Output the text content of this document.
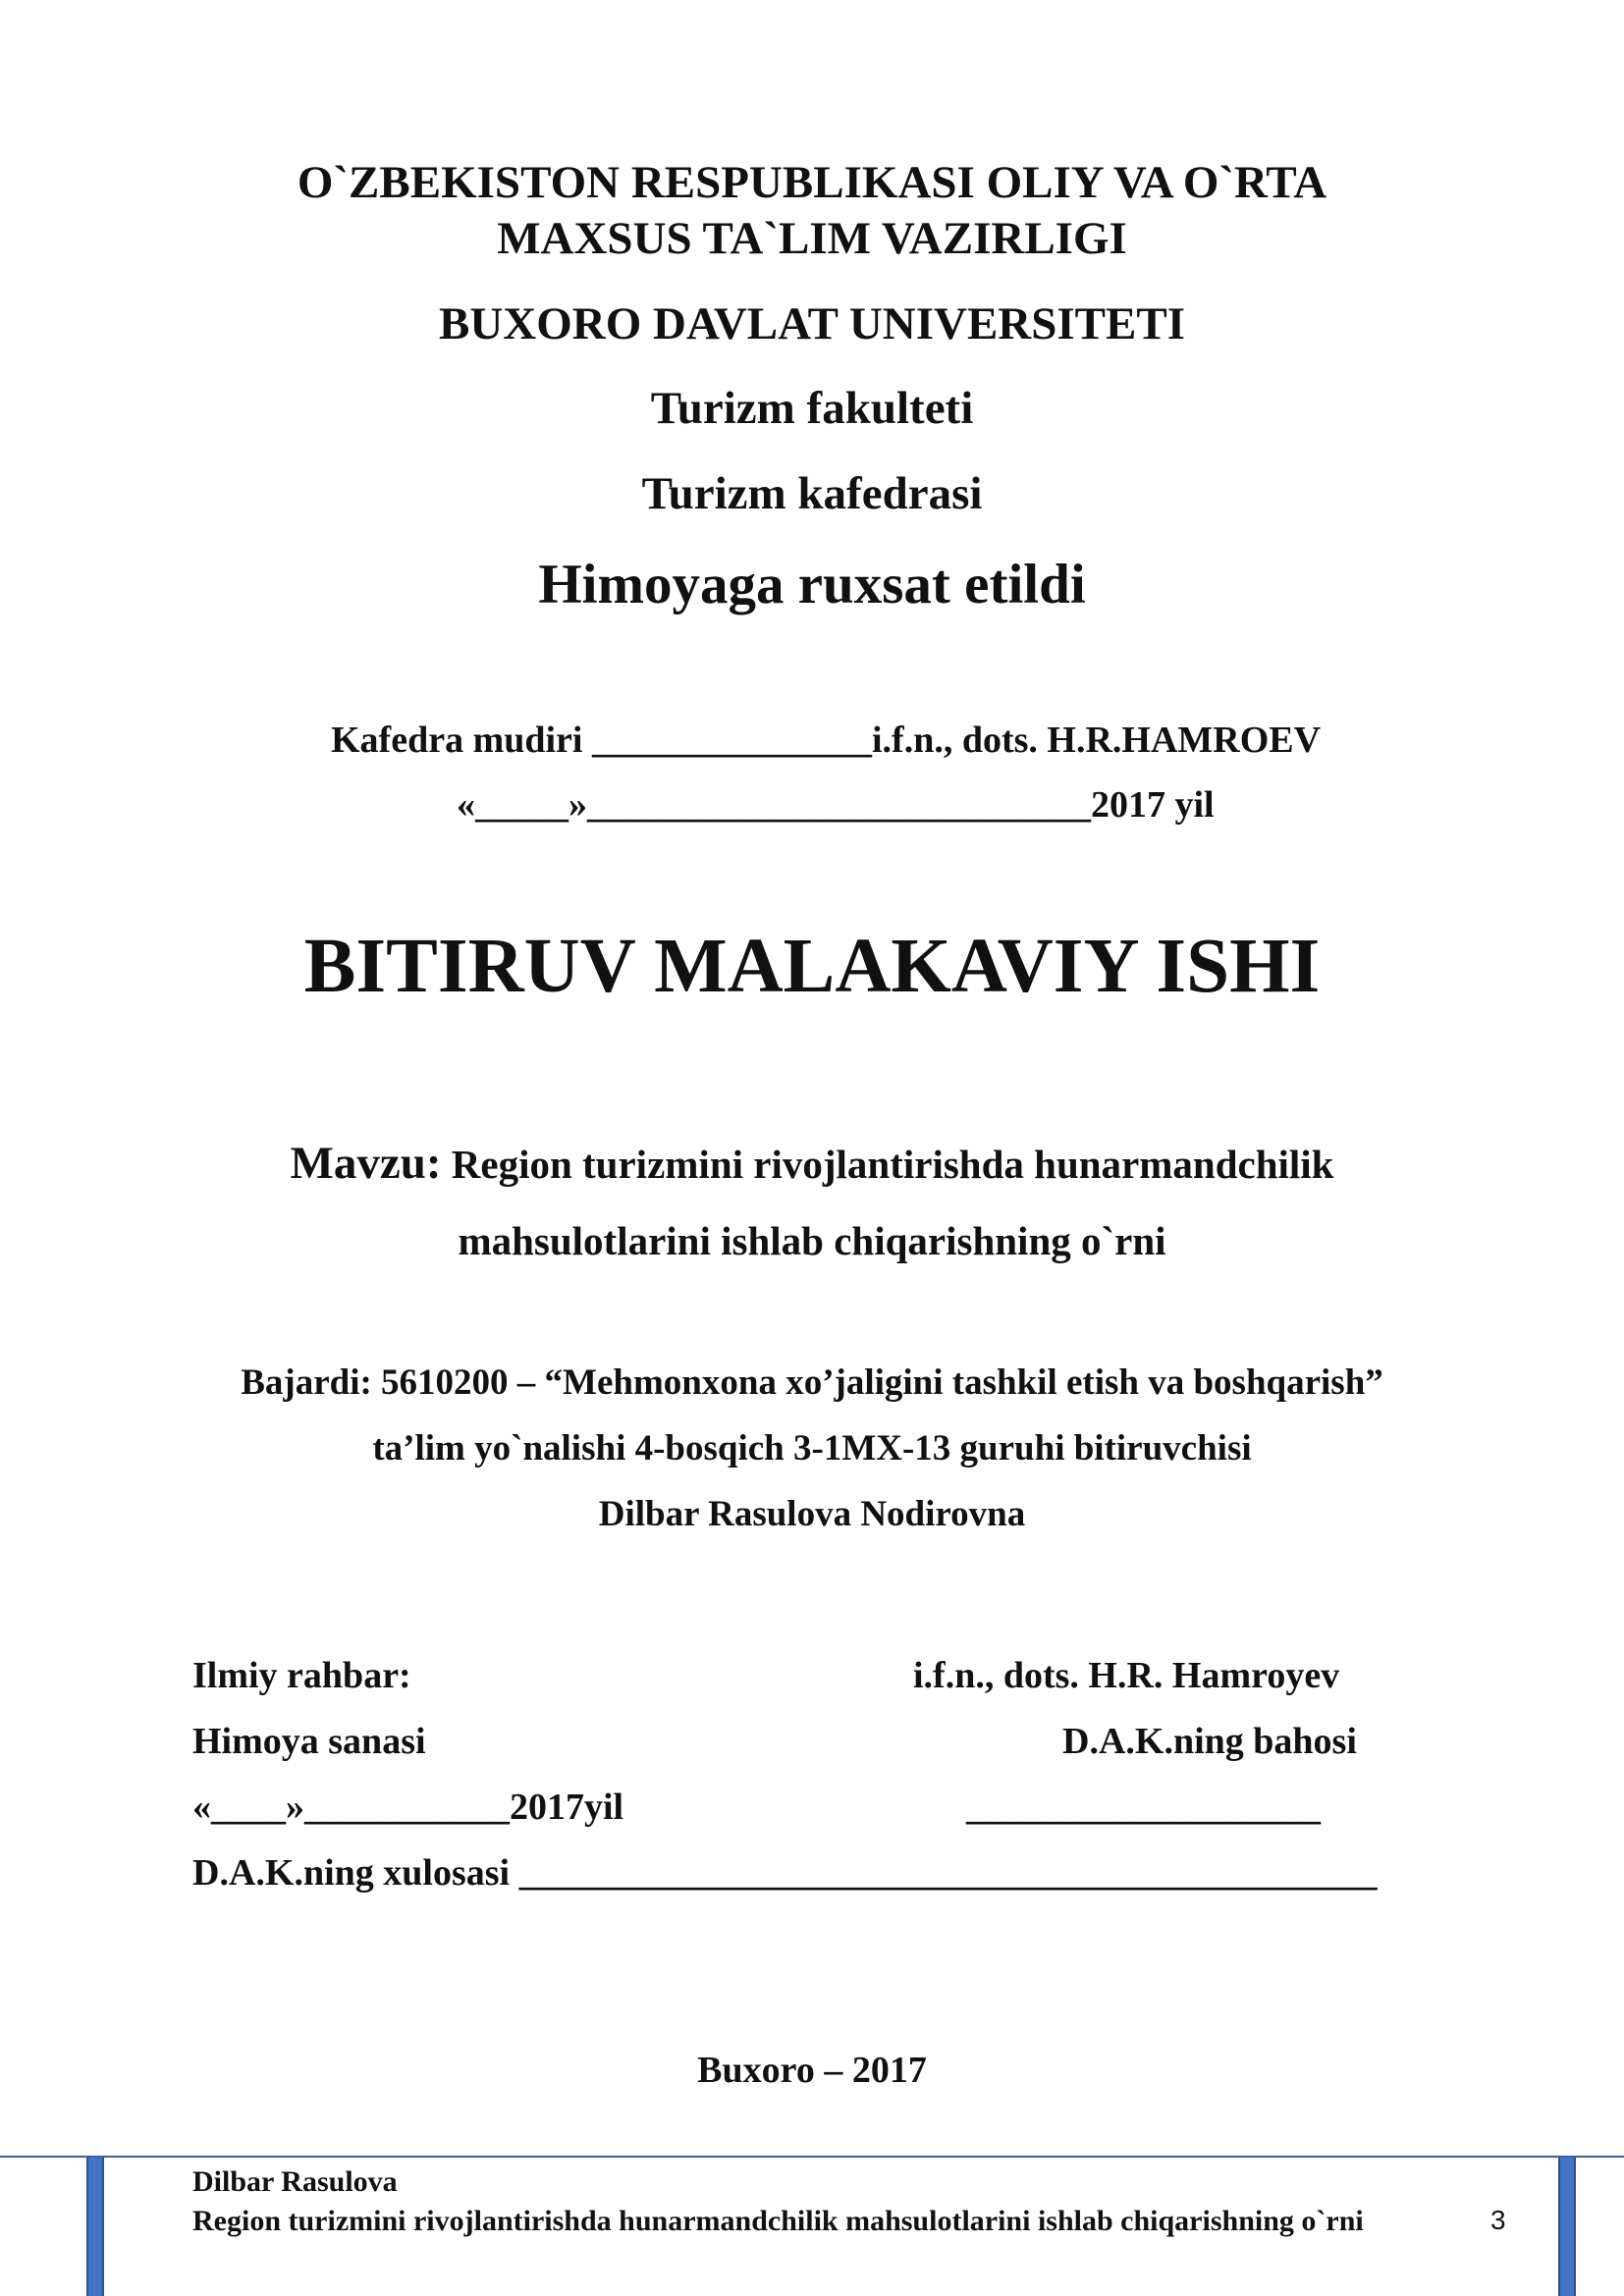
O`ZBEKISTON RESPUBLIKASI OLIY VA O`RTA
MAXSUS TA`LIM VAZIRLIGI
BUXORO DAVLAT UNIVERSITETI
Turizm fakulteti
Turizm kafedrasi
Himoyaga ruxsat etildi
Kafedra mudiri _______________i.f.n., dots. H.R.HAMROEV
«_____»___________________________2017 yil
BITIRUV MALAKAVIY ISHI
Mavzu: Region turizmini rivojlantirishda hunarmandchilik
mahsulotlarini ishlab chiqarishning o`rni
Bajardi: 5610200 – “Mehmonxona xo’jaligini tashkil etish va boshqarish”
ta’lim yo`nalishi 4-bosqich 3-1MX-13 guruhi bitiruvchisi
Dilbar Rasulova Nodirovna
Ilmiy rahbar:	i.f.n., dots. H.R. Hamroyev
Himoya sanasi	D.A.K.ning bahosi
«____»___________2017yil	___________________
D.A.K.ning xulosasi ______________________________________________
Buxoro – 2017
Dilbar Rasulova
Region turizmini rivojlantirishda hunarmandchilik mahsulotlarini ishlab chiqarishning o`rni	3
